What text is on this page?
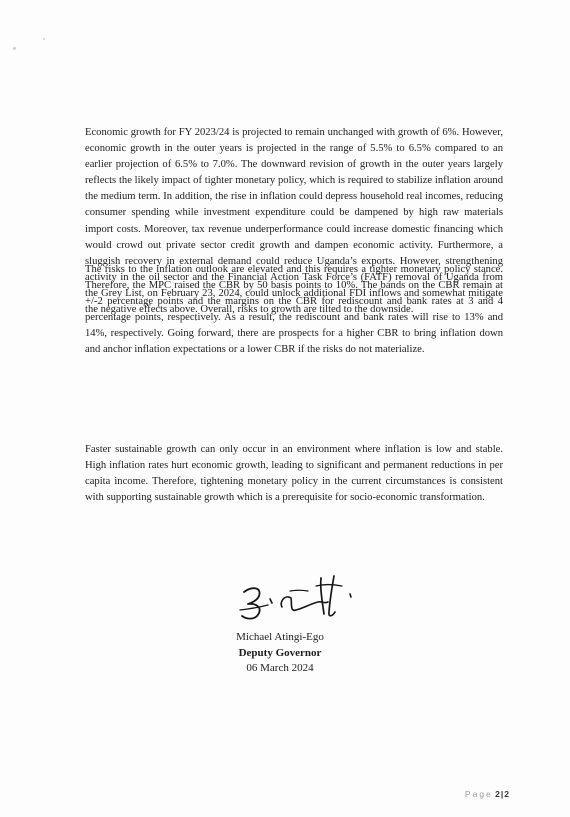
Economic growth for FY 2023/24 is projected to remain unchanged with growth of 6%. However, economic growth in the outer years is projected in the range of 5.5% to 6.5% compared to an earlier projection of 6.5% to 7.0%. The downward revision of growth in the outer years largely reflects the likely impact of tighter monetary policy, which is required to stabilize inflation around the medium term. In addition, the rise in inflation could depress household real incomes, reducing consumer spending while investment expenditure could be dampened by high raw materials import costs. Moreover, tax revenue underperformance could increase domestic financing which would crowd out private sector credit growth and dampen economic activity. Furthermore, a sluggish recovery in external demand could reduce Uganda’s exports. However, strengthening activity in the oil sector and the Financial Action Task Force’s (FATF) removal of Uganda from the Grey List, on February 23, 2024, could unlock additional FDI inflows and somewhat mitigate the negative effects above. Overall, risks to growth are tilted to the downside.

The risks to the inflation outlook are elevated and this requires a tighter monetary policy stance. Therefore, the MPC raised the CBR by 50 basis points to 10%. The bands on the CBR remain at +/-2 percentage points and the margins on the CBR for rediscount and bank rates at 3 and 4 percentage points, respectively. As a result, the rediscount and bank rates will rise to 13% and 14%, respectively. Going forward, there are prospects for a higher CBR to bring inflation down and anchor inflation expectations or a lower CBR if the risks do not materialize.

Faster sustainable growth can only occur in an environment where inflation is low and stable. High inflation rates hurt economic growth, leading to significant and permanent reductions in per capita income. Therefore, tightening monetary policy in the current circumstances is consistent with supporting sustainable growth which is a prerequisite for socio-economic transformation.

Michael Atingi-Ego
Deputy Governor
06 March 2024
Page 2|2
